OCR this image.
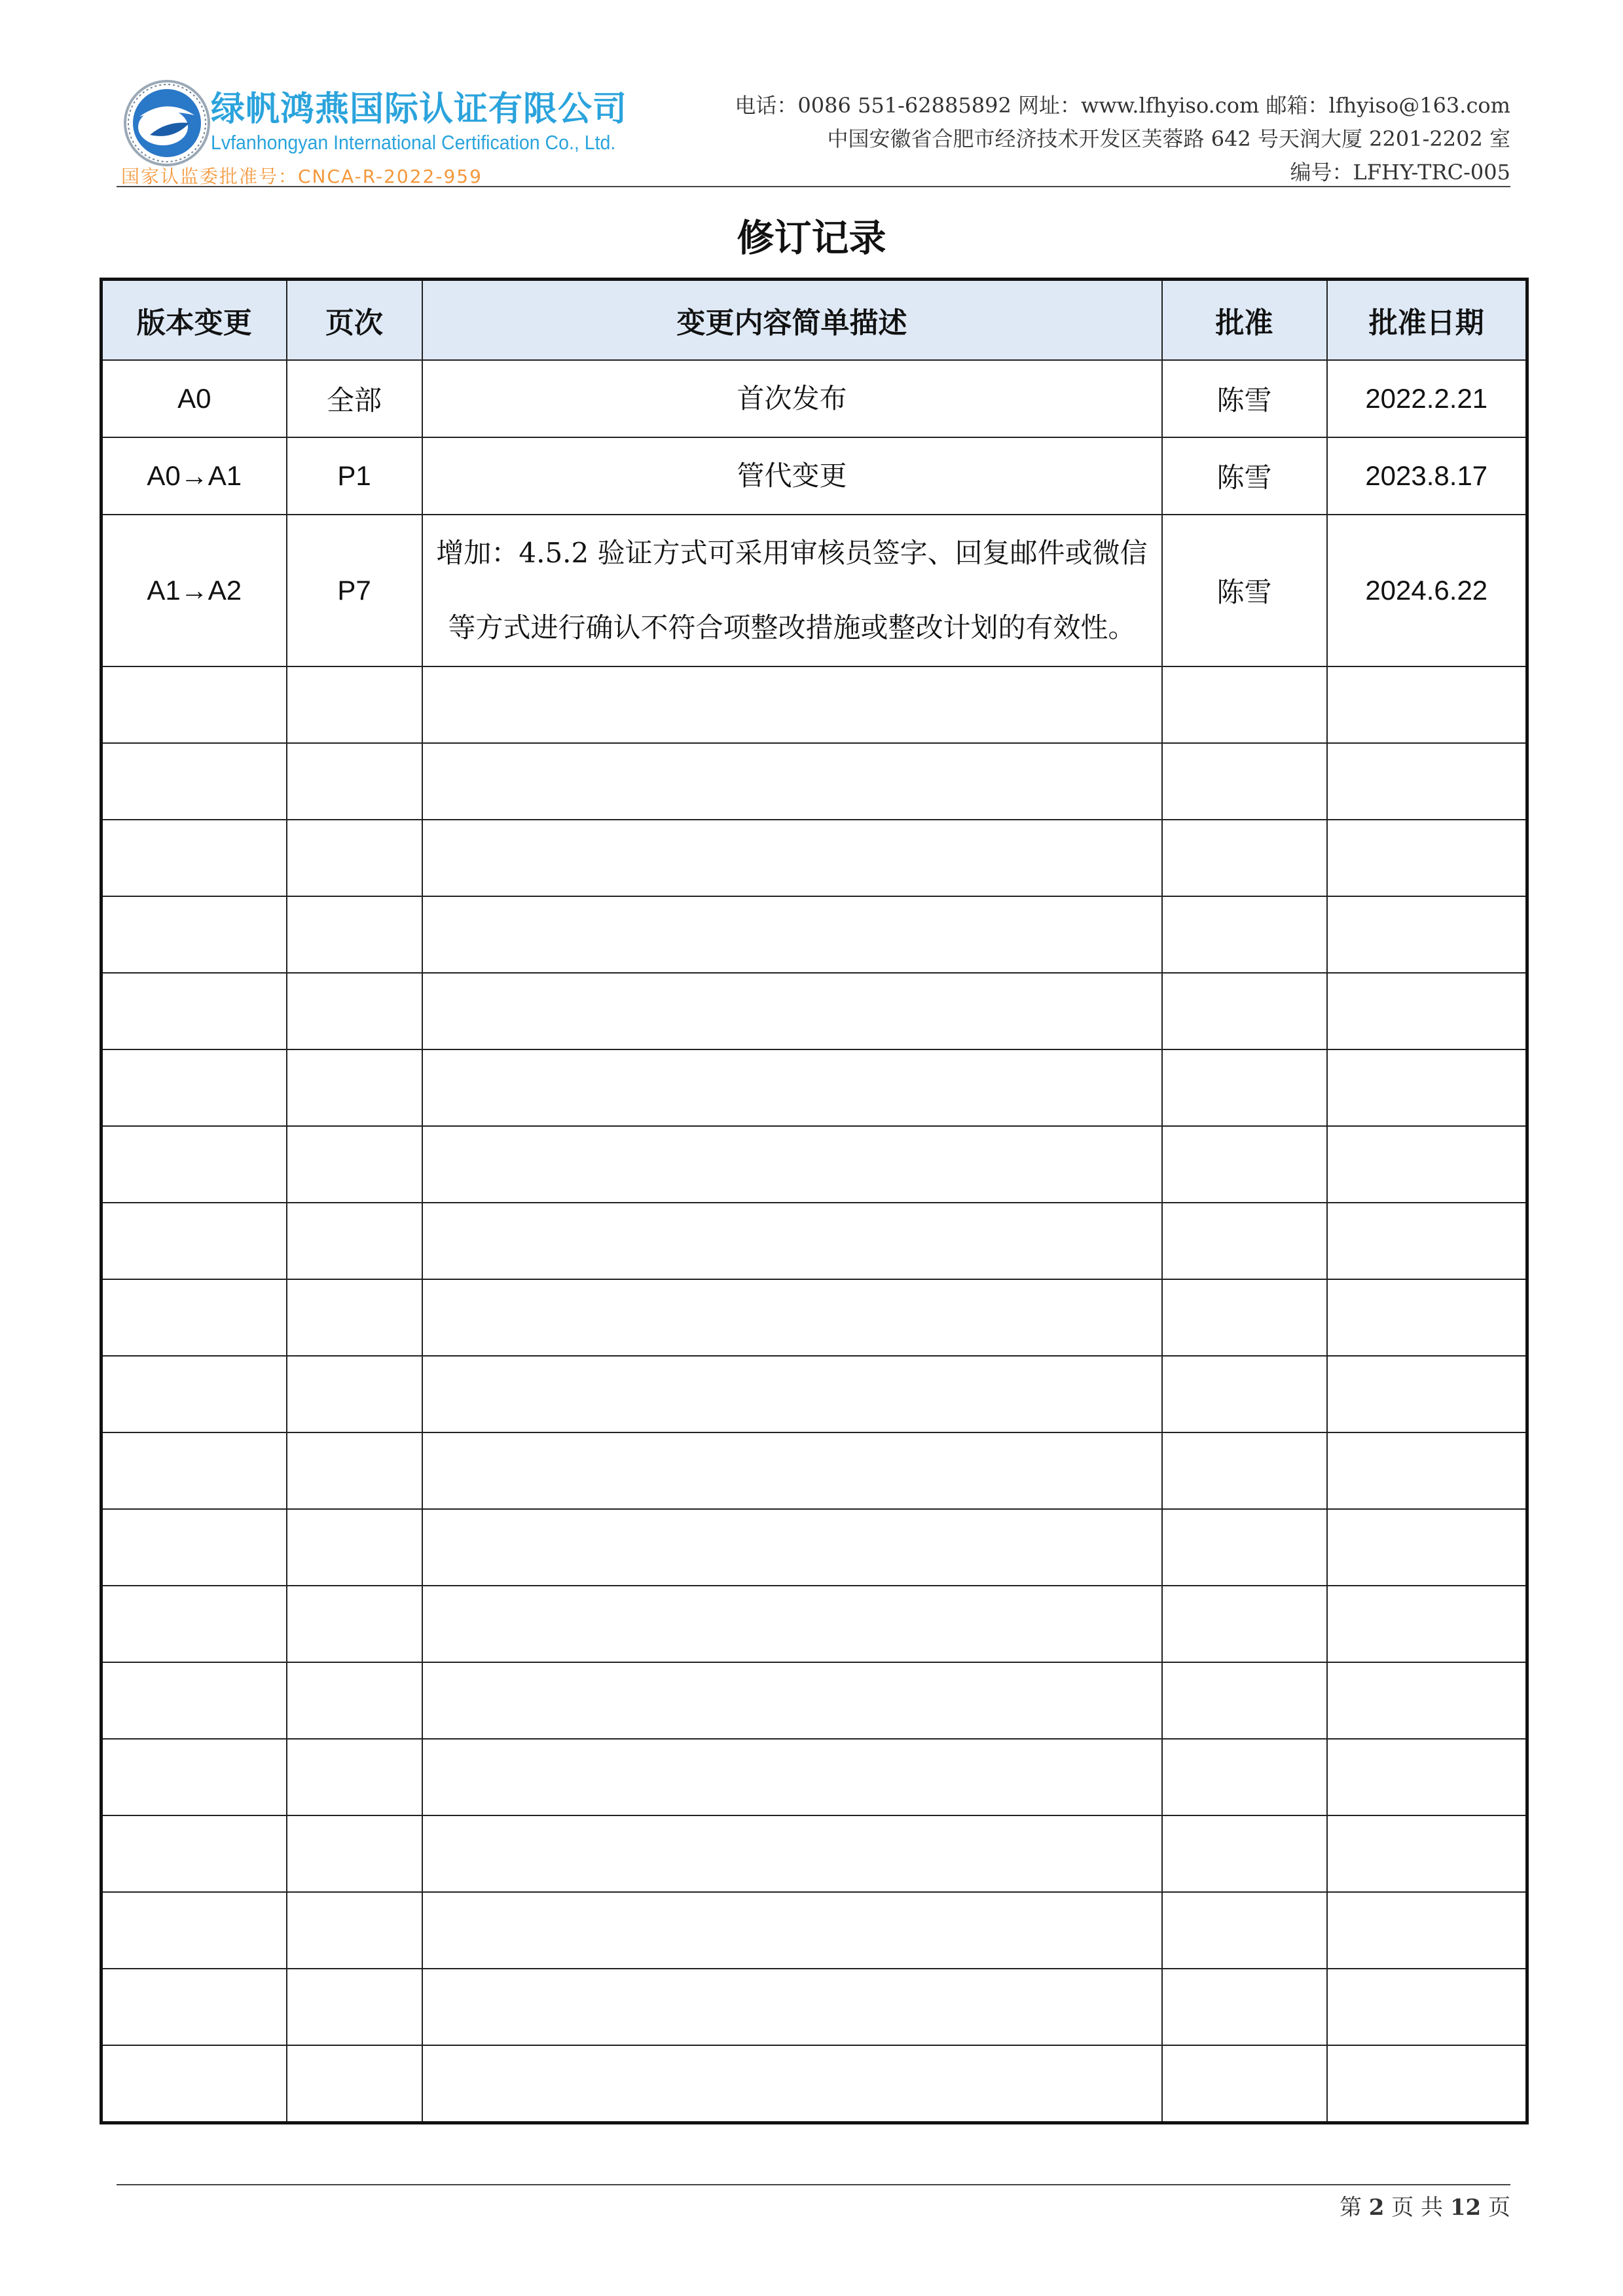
绿帆鸿燕国际认证有限公司
Lvfanhongyan International Certification Co., Ltd.
国家认监委批准号：CNCA-R-2022-959
电话：0086 551-62885892 网址：www.lfhyiso.com 邮箱：lfhyiso@163.com
中国安徽省合肥市经济技术开发区芙蓉路 642 号天润大厦 2201-2202 室
编号：LFHY-TRC-005
修订记录
版本变更	页次	变更内容简单描述	批准	批准日期
A0	全部	首次发布	陈雪	2022.2.21
A0→A1	P1	管代变更	陈雪	2023.8.17
A1→A2	P7	增加：4.5.2 验证方式可采用审核员签字、回复邮件或微信等方式进行确认不符合项整改措施或整改计划的有效性。	陈雪	2024.6.22

第 2 页 共 12 页
